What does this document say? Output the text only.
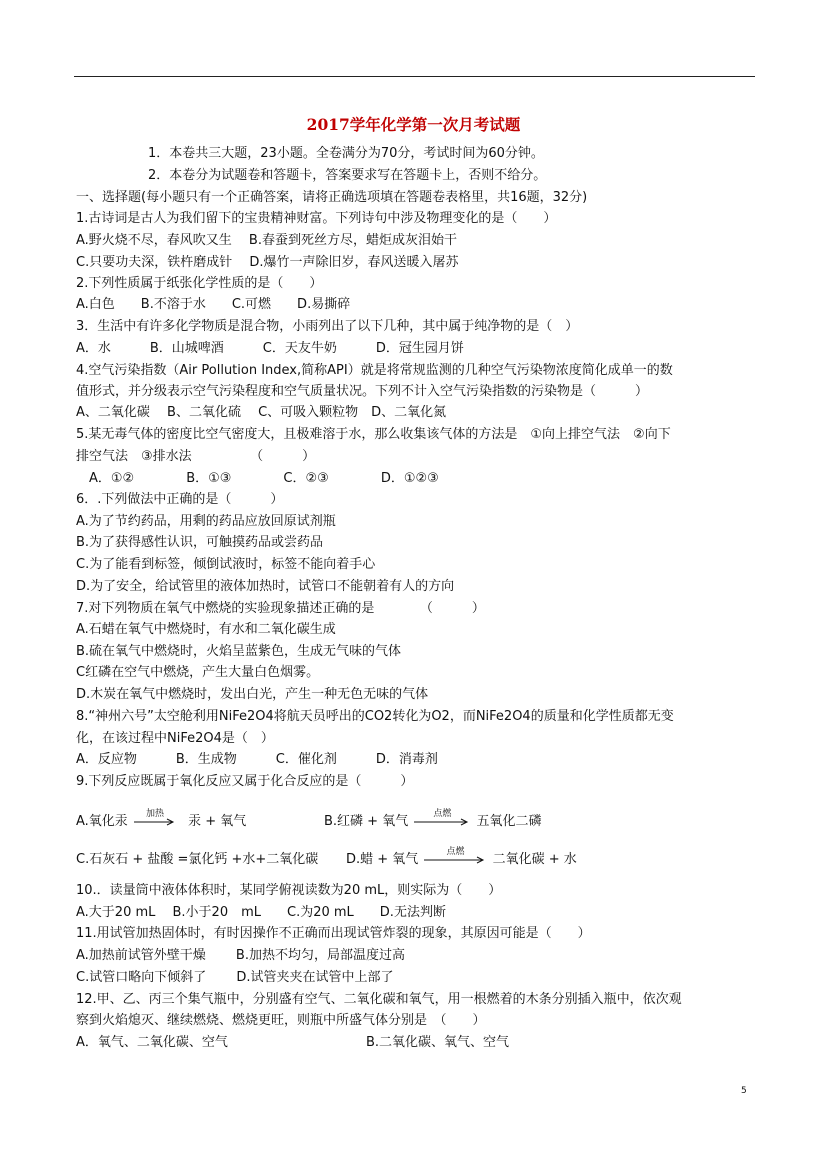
2017学年化学第一次月考试题
1．本卷共三大题，23小题。全卷满分为70分，考试时间为60分钟。
2．本卷分为试题卷和答题卡，答案要求写在答题卡上，否则不给分。
一、选择题(每小题只有一个正确答案，请将正确选项填在答题卷表格里，共16题，32分)
1.古诗词是古人为我们留下的宝贵精神财富。下列诗句中涉及物理变化的是（　　）
A.野火烧不尽，春风吹又生　 B.春蚕到死丝方尽，蜡炬成灰泪始干
C.只要功夫深，铁杵磨成针　 D.爆竹一声除旧岁，春风送暖入屠苏
2.下列性质属于纸张化学性质的是（　　）
A.白色　　B.不溶于水　　C.可燃　　D.易撕碎
3．生活中有许多化学物质是混合物，小雨列出了以下几种，其中属于纯净物的是（　）
A．水　　　B．山城啤酒　　　C．天友牛奶　　　D．冠生园月饼
4.空气污染指数（Air Pollution Index,简称API）就是将常规监测的几种空气污染物浓度简化成单一的数
值形式，并分级表示空气污染程度和空气质量状况。下列不计入空气污染指数的污染物是（　　　）
A、二氧化碳　 B、二氧化硫　 C、可吸入颗粒物　D、二氧化氮
5.某无毒气体的密度比空气密度大，且极难溶于水，那么收集该气体的方法是　①向上排空气法　②向下
排空气法　③排水法　　　　　（　　　）
　A．①②　　　　B．①③　　　　C．②③　　　　D．①②③
6．.下列做法中正确的是（　　　）
A.为了节约药品，用剩的药品应放回原试剂瓶
B.为了获得感性认识，可触摸药品或尝药品
C.为了能看到标签，倾倒试液时，标签不能向着手心
D.为了安全，给试管里的液体加热时，试管口不能朝着有人的方向
7.对下列物质在氧气中燃烧的实验现象描述正确的是　　　　（　　　）
A.石蜡在氧气中燃烧时，有水和二氧化碳生成
B.硫在氧气中燃烧时，火焰呈蓝紫色，生成无气味的气体
C红磷在空气中燃烧，产生大量白色烟雾。
D.木炭在氧气中燃烧时，发出白光，产生一种无色无味的气体
8.“神州六号”太空舱利用NiFe2O4将航天员呼出的CO2转化为O2，而NiFe2O4的质量和化学性质都无变
化，在该过程中NiFe2O4是（　）
A．反应物　　　B．生成物　　　C．催化剂　　　D．消毒剂
9.下列反应既属于氧化反应又属于化合反应的是（　　　）
A.氧化汞
加热
汞 + 氧气	B.红磷 + 氧气
点燃
五氧化二磷
C.石灰石 + 盐酸 =氯化钙 +水+二氧化碳 D.蜡 + 氧气
点燃
二氧化碳 + 水
10.．读量筒中液体体积时，某同学俯视读数为20 mL，则实际为（　　）
A.大于20 mL　 B.小于20　mL　　C.为20 mL　　D.无法判断
11.用试管加热固体时，有时因操作不正确而出现试管炸裂的现象，其原因可能是（　　）
A.加热前试管外壁干燥　　 B.加热不均匀，局部温度过高
C.试管口略向下倾斜了　　 D.试管夹夹在试管中上部了
12.甲、乙、丙三个集气瓶中，分别盛有空气、二氧化碳和氧气，用一根燃着的木条分别插入瓶中，依次观
察到火焰熄灭、继续燃烧、燃烧更旺，则瓶中所盛气体分别是　（　　）
A．氧气、二氧化碳、空气	B.二氧化碳、氧气、空气
5
